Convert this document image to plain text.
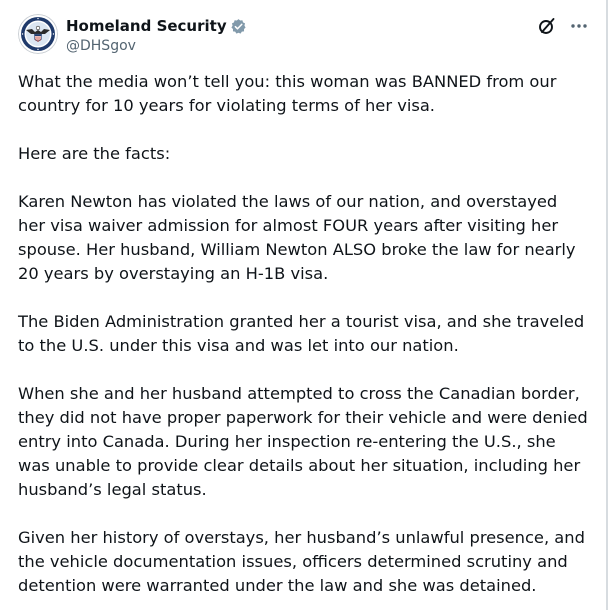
Homeland Security
@DHSgov

What the media won’t tell you: this woman was BANNED from our country for 10 years for violating terms of her visa.

Here are the facts:

Karen Newton has violated the laws of our nation, and overstayed her visa waiver admission for almost FOUR years after visiting her spouse. Her husband, William Newton ALSO broke the law for nearly 20 years by overstaying an H-1B visa.

The Biden Administration granted her a tourist visa, and she traveled to the U.S. under this visa and was let into our nation.

When she and her husband attempted to cross the Canadian border, they did not have proper paperwork for their vehicle and were denied entry into Canada. During her inspection re-entering the U.S., she was unable to provide clear details about her situation, including her husband’s legal status.

Given her history of overstays, her husband’s unlawful presence, and the vehicle documentation issues, officers determined scrutiny and detention were warranted under the law and she was detained.
